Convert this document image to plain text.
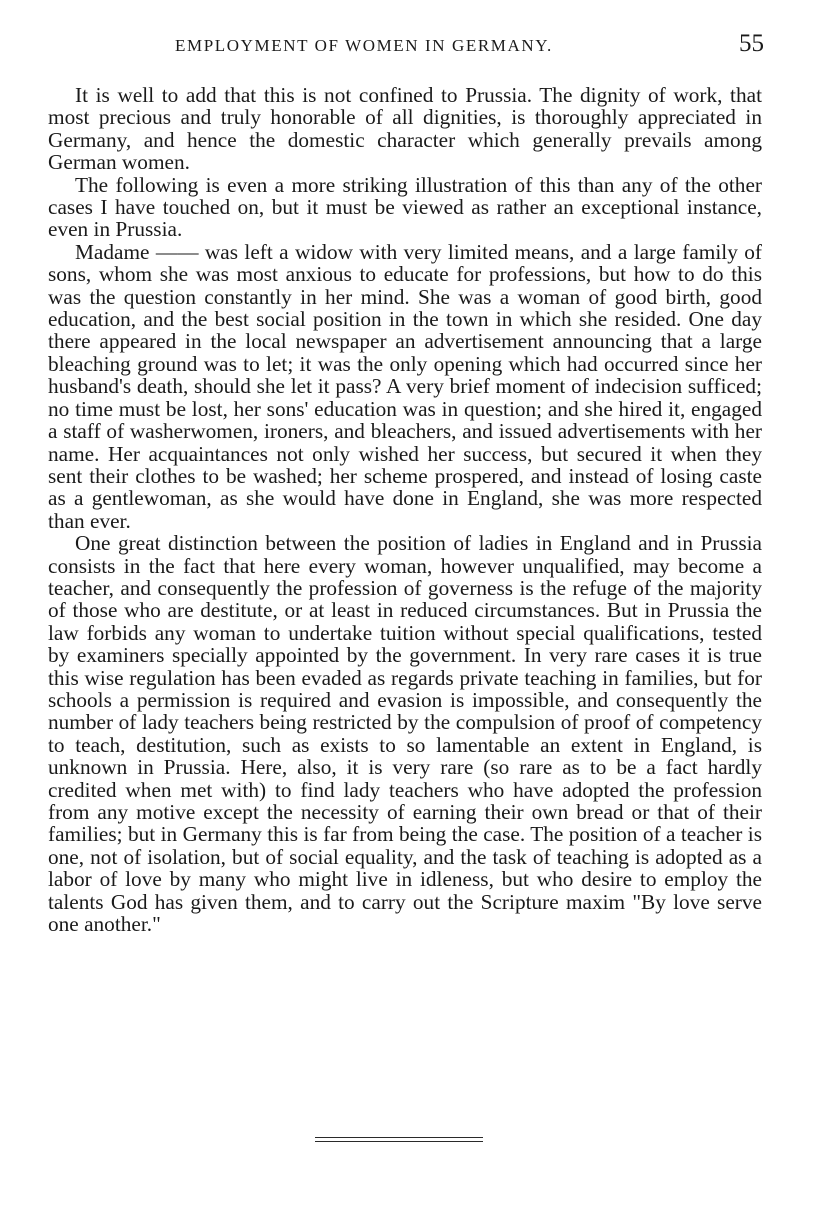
EMPLOYMENT OF WOMEN IN GERMANY.	55

It is well to add that this is not confined to Prussia. The dignity of work, that most precious and truly honorable of all dignities, is thoroughly appreciated in Germany, and hence the domestic character which generally prevails among German women.

The following is even a more striking illustration of this than any of the other cases I have touched on, but it must be viewed as rather an exceptional instance, even in Prussia.

Madame —— was left a widow with very limited means, and a large family of sons, whom she was most anxious to educate for professions, but how to do this was the question constantly in her mind. She was a woman of good birth, good education, and the best social position in the town in which she resided. One day there appeared in the local newspaper an advertisement announcing that a large bleaching ground was to let; it was the only opening which had occurred since her husband's death, should she let it pass? A very brief moment of indecision sufficed; no time must be lost, her sons' education was in question; and she hired it, engaged a staff of washerwomen, ironers, and bleachers, and issued advertisements with her name. Her acquaintances not only wished her success, but secured it when they sent their clothes to be washed; her scheme prospered, and instead of losing caste as a gentlewoman, as she would have done in England, she was more respected than ever.

One great distinction between the position of ladies in England and in Prussia consists in the fact that here every woman, however unqualified, may become a teacher, and consequently the profession of governess is the refuge of the majority of those who are destitute, or at least in reduced circumstances. But in Prussia the law forbids any woman to undertake tuition without special qualifications, tested by examiners specially appointed by the government. In very rare cases it is true this wise regulation has been evaded as regards private teaching in families, but for schools a permission is required and evasion is impossible, and consequently the number of lady teachers being restricted by the compulsion of proof of competency to teach, destitution, such as exists to so lamentable an extent in England, is unknown in Prussia. Here, also, it is very rare (so rare as to be a fact hardly credited when met with) to find lady teachers who have adopted the profession from any motive except the necessity of earning their own bread or that of their families; but in Germany this is far from being the case. The position of a teacher is one, not of isolation, but of social equality, and the task of teaching is adopted as a labor of love by many who might live in idleness, but who desire to employ the talents God has given them, and to carry out the Scripture maxim "By love serve one another."
